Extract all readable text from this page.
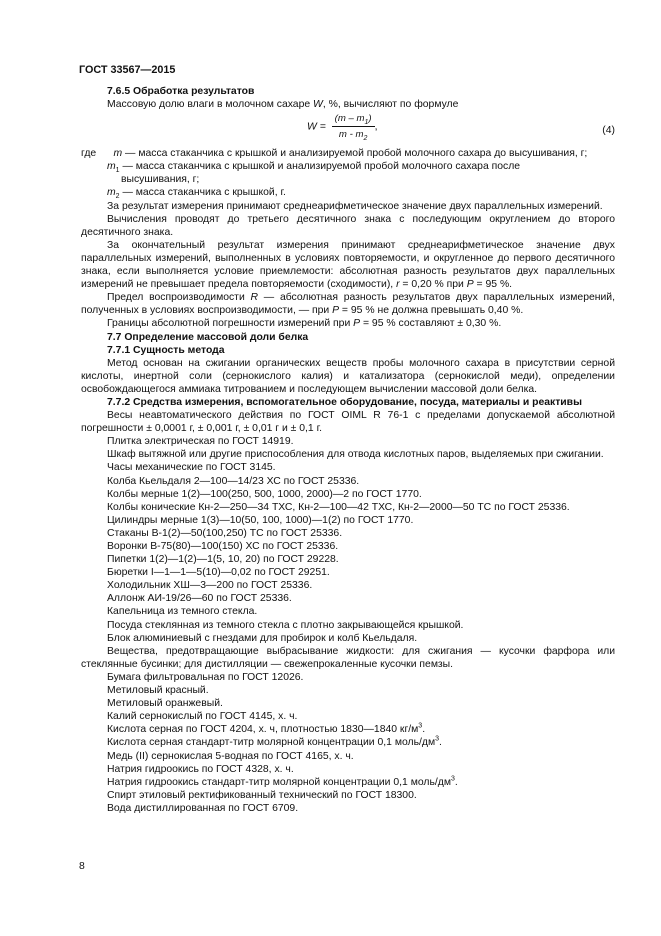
ГОСТ 33567—2015
7.6.5 Обработка результатов
Массовую долю влаги в молочном сахаре W, %, вычисляют по формуле
$W = \frac{(m - m_1)}{m - m_2}$ ,	(4)
где m — масса стаканчика с крышкой и анализируемой пробой молочного сахара до высушивания, г;
$m_1$ — масса стаканчика с крышкой и анализируемой пробой молочного сахара после
высушивания, г;
$m_2$ — масса стаканчика с крышкой, г.
За результат измерения принимают среднеарифметическое значение двух параллельных измерений.
Вычисления проводят до третьего десятичного знака с последующим округлением до второго десятичного знака.
За окончательный результат измерения принимают среднеарифметическое значение двух параллельных измерений, выполненных в условиях повторяемости, и округленное до первого десятичного знака, если выполняется условие приемлемости: абсолютная разность результатов двух параллельных измерений не превышает предела повторяемости (сходимости), r = 0,20 % при P = 95 %.
Предел воспроизводимости R — абсолютная разность результатов двух параллельных измерений, полученных в условиях воспроизводимости, — при P = 95 % не должна превышать 0,40 %.
Границы абсолютной погрешности измерений при P = 95 % составляют ± 0,30 %.
7.7 Определение массовой доли белка
7.7.1 Сущность метода
Метод основан на сжигании органических веществ пробы молочного сахара в присутствии серной кислоты, инертной соли (сернокислого калия) и катализатора (сернокислой меди), определении освобождающегося аммиака титрованием и последующем вычислении массовой доли белка.
7.7.2 Средства измерения, вспомогательное оборудование, посуда, материалы и реактивы
Весы неавтоматического действия по ГОСТ OIML R 76-1 с пределами допускаемой абсолютной погрешности ± 0,0001 г, ± 0,001 г, ± 0,01 г и ± 0,1 г.
Плитка электрическая по ГОСТ 14919.
Шкаф вытяжной или другие приспособления для отвода кислотных паров, выделяемых при сжигании.
Часы механические по ГОСТ 3145.
Колба Кьельдаля 2—100—14/23 ХС по ГОСТ 25336.
Колбы мерные 1(2)—100(250, 500, 1000, 2000)—2 по ГОСТ 1770.
Колбы конические Кн-2—250—34 ТХС, Кн-2—100—42 ТХС, Кн-2—2000—50 ТС по ГОСТ 25336.
Цилиндры мерные 1(3)—10(50, 100, 1000)—1(2) по ГОСТ 1770.
Стаканы В-1(2)—50(100,250) ТС по ГОСТ 25336.
Воронки В-75(80)—100(150) ХС по ГОСТ 25336.
Пипетки 1(2)—1(2)—1(5, 10, 20) по ГОСТ 29228.
Бюретки I—1—1—5(10)—0,02 по ГОСТ 29251.
Холодильник ХШ—3—200 по ГОСТ 25336.
Аллонж АИ-19/26—60 по ГОСТ 25336.
Капельница из темного стекла.
Посуда стеклянная из темного стекла с плотно закрывающейся крышкой.
Блок алюминиевый с гнездами для пробирок и колб Кьельдаля.
Вещества, предотвращающие выбрасывание жидкости: для сжигания — кусочки фарфора или стеклянные бусинки; для дистилляции — свежепрокаленные кусочки пемзы.
Бумага фильтровальная по ГОСТ 12026.
Метиловый красный.
Метиловый оранжевый.
Калий сернокислый по ГОСТ 4145, х. ч.
Кислота серная по ГОСТ 4204, х. ч, плотностью 1830—1840 $кг/м^3$.
Кислота серная стандарт-титр молярной концентрации 0,1 моль/$дм^3$.
Медь (II) сернокислая 5-водная по ГОСТ 4165, х. ч.
Натрия гидроокись по ГОСТ 4328, х. ч.
Натрия гидроокись стандарт-титр молярной концентрации 0,1 моль/$дм^3$.
Спирт этиловый ректификованный технический по ГОСТ 18300.
Вода дистиллированная по ГОСТ 6709.
8
